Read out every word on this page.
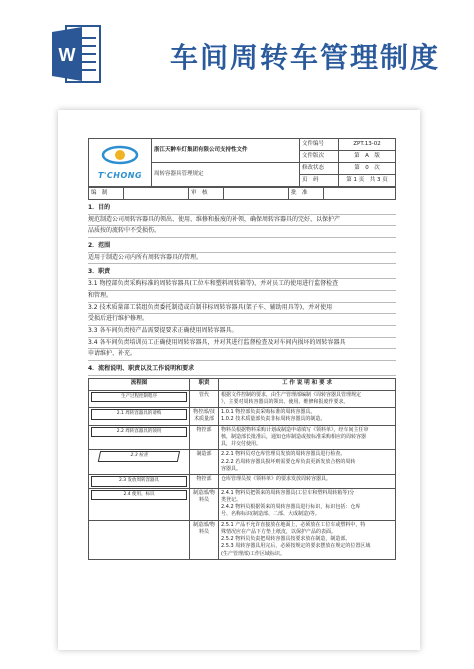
W	车间周转车管理制度
T'CHONG	浙江天翀车灯集团有限公司支持性文件	文件编号	ZPT.13-02
		文件版次	第　A　版
	周转容器具管理规定	修改状态	第　0　次
		页　码	第 1 页　共 3 页
编　制		审　核		批　准	
1．目的
规范制造公司周转容器具的领出、使用、维修和报废的补领，确保周转容器具的完好、以保护产
品质按的流转中不受损伤。
2．范围
适用于制造公司内所有周转容器具的管理。
3．职责
3.1 物控部负责采购标准的周转容器具(工位车和塑料周转箱等)，并对员工的使用进行监督检查
和管理。
3.2 技术质量部工装组负责委托制造或自制非标周转容器具(架子车、辅助用具等)，并对使用
受损后进行维护修理。
3.3 各车间负责按产品需要提要求正确使用周转容器具。
3.4 各车间负责培训员工正确使用周转容器具，并对其进行监督检查及对车间内损坏的周转容器具
申请维护、补充。
4．流程说明、职责以及工作说明和要求
流程图	职责	工 作 说 明 和 要 求

生产过程控制程序	管代	根据文件控制的要求，由生产管理部编制《周转容器具管理规定
》，主要对周转容器具的领出、使用、维修和报废作要求。

2.1 周转容器具的请购	物控部/技术质量部	1.0.1 物控部负责采购标准的周转容器具。
1.0.2 技术质量部负责非标周转容器具的制造。

2.2 周转容器具的领用	物控部	物料员根据物料采购计划或制造申请填写《领料单》，经车间主任审
核，制造部长批准后，通知仓库制造或按标准采购相应的周转容器
具，并交付使用。

2.3 检查	制造部	2.2.1 物料员对仓库管理员发放的周转容器具进行检查。
2.2.2 若周转容器具损坏则需要仓库负责更新发放合格的周转
容器具。

2.3 发放周转容器具	物控部	仓库管理员按《领料单》的要求发放周转容器具。

2.4 使用、标识	制造部/物料员	2.4.1 物料员把领来的周转容器具(工位车和塑料周转箱等)分
类登记。
2.4.2 物料员根据领来的周转容器具进行标识，标识包括：仓库
号、名称标识(制造部、二部、大成制造)等。

	制造部/物料员	2.5.1 产品不允许直接放在地面上，必须放在工位车或塑料中，特
殊情况应在产品下方垫上纸皮，以保护产品的表面。
2.5.2 物料员负责把周转容器具按要求放在制造，制造部。
2.5.3 周转容器具用完后，必须按规定的要求摆放在规定的位置区域
(生产管理部)工作区域标识。
